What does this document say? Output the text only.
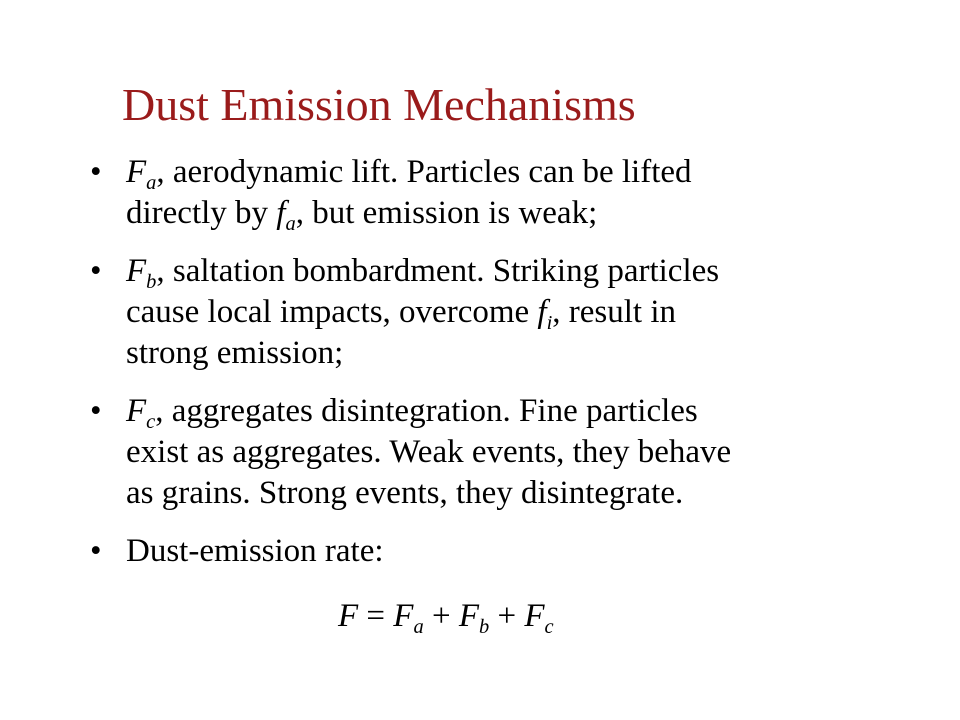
Dust Emission Mechanisms
• $F_a$, aerodynamic lift. Particles can be lifted
directly by $f_a$, but emission is weak;
• $F_b$, saltation bombardment. Striking particles
cause local impacts, overcome $f_i$, result in
strong emission;
• $F_c$, aggregates disintegration. Fine particles
exist as aggregates. Weak events, they behave
as grains. Strong events, they disintegrate.
• Dust-emission rate:
$F = F_a + F_b + F_c$
